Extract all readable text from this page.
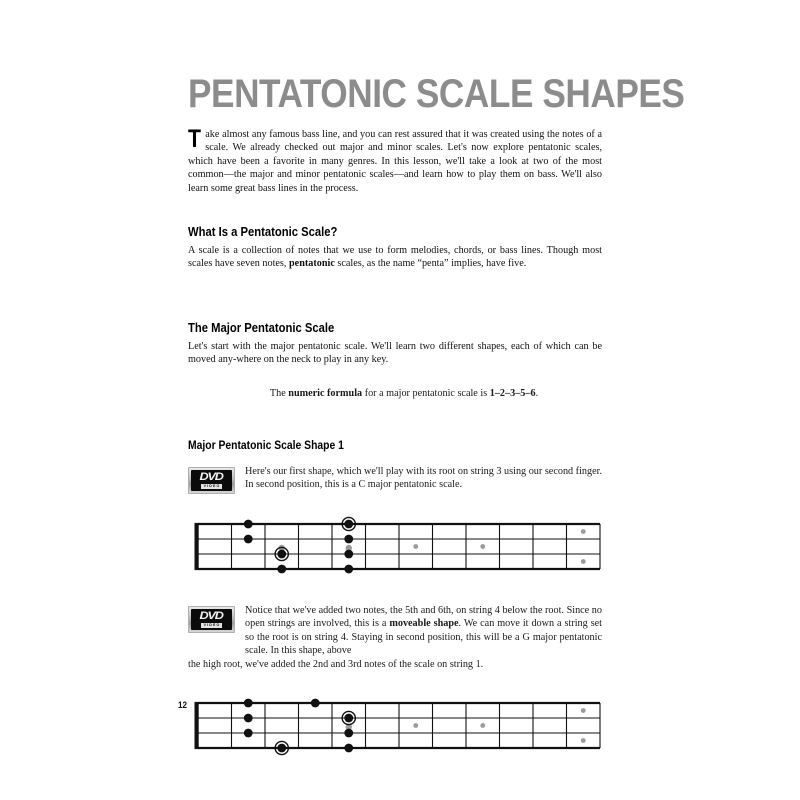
PENTATONIC SCALE SHAPES

Take almost any famous bass line, and you can rest assured that it was created using the notes of a scale. We already checked out major and minor scales. Let's now explore pentatonic scales, which have been a favorite in many genres. In this lesson, we'll take a look at two of the most common—the major and minor pentatonic scales—and learn how to play them on bass. We'll also learn some great bass lines in the process.

What Is a Pentatonic Scale?

A scale is a collection of notes that we use to form melodies, chords, or bass lines. Though most scales have seven notes, pentatonic scales, as the name “penta” implies, have five.

The Major Pentatonic Scale

Let's start with the major pentatonic scale. We'll learn two different shapes, each of which can be moved any-where on the neck to play in any key.

The numeric formula for a major pentatonic scale is 1–2–3–5–6.

Major Pentatonic Scale Shape 1
DVD
VIDEO
Here's our first shape, which we'll play with its root on string 3 using our second finger. In second position, this is a C major pentatonic scale.
DVD
VIDEO
Notice that we've added two notes, the 5th and 6th, on string 4 below the root. Since no open strings are involved, this is a moveable shape. We can move it down a string set so the root is on string 4. Staying in second position, this will be a G major pentatonic scale. In this shape, above

the high root, we've added the 2nd and 3rd notes of the scale on string 1.

12
